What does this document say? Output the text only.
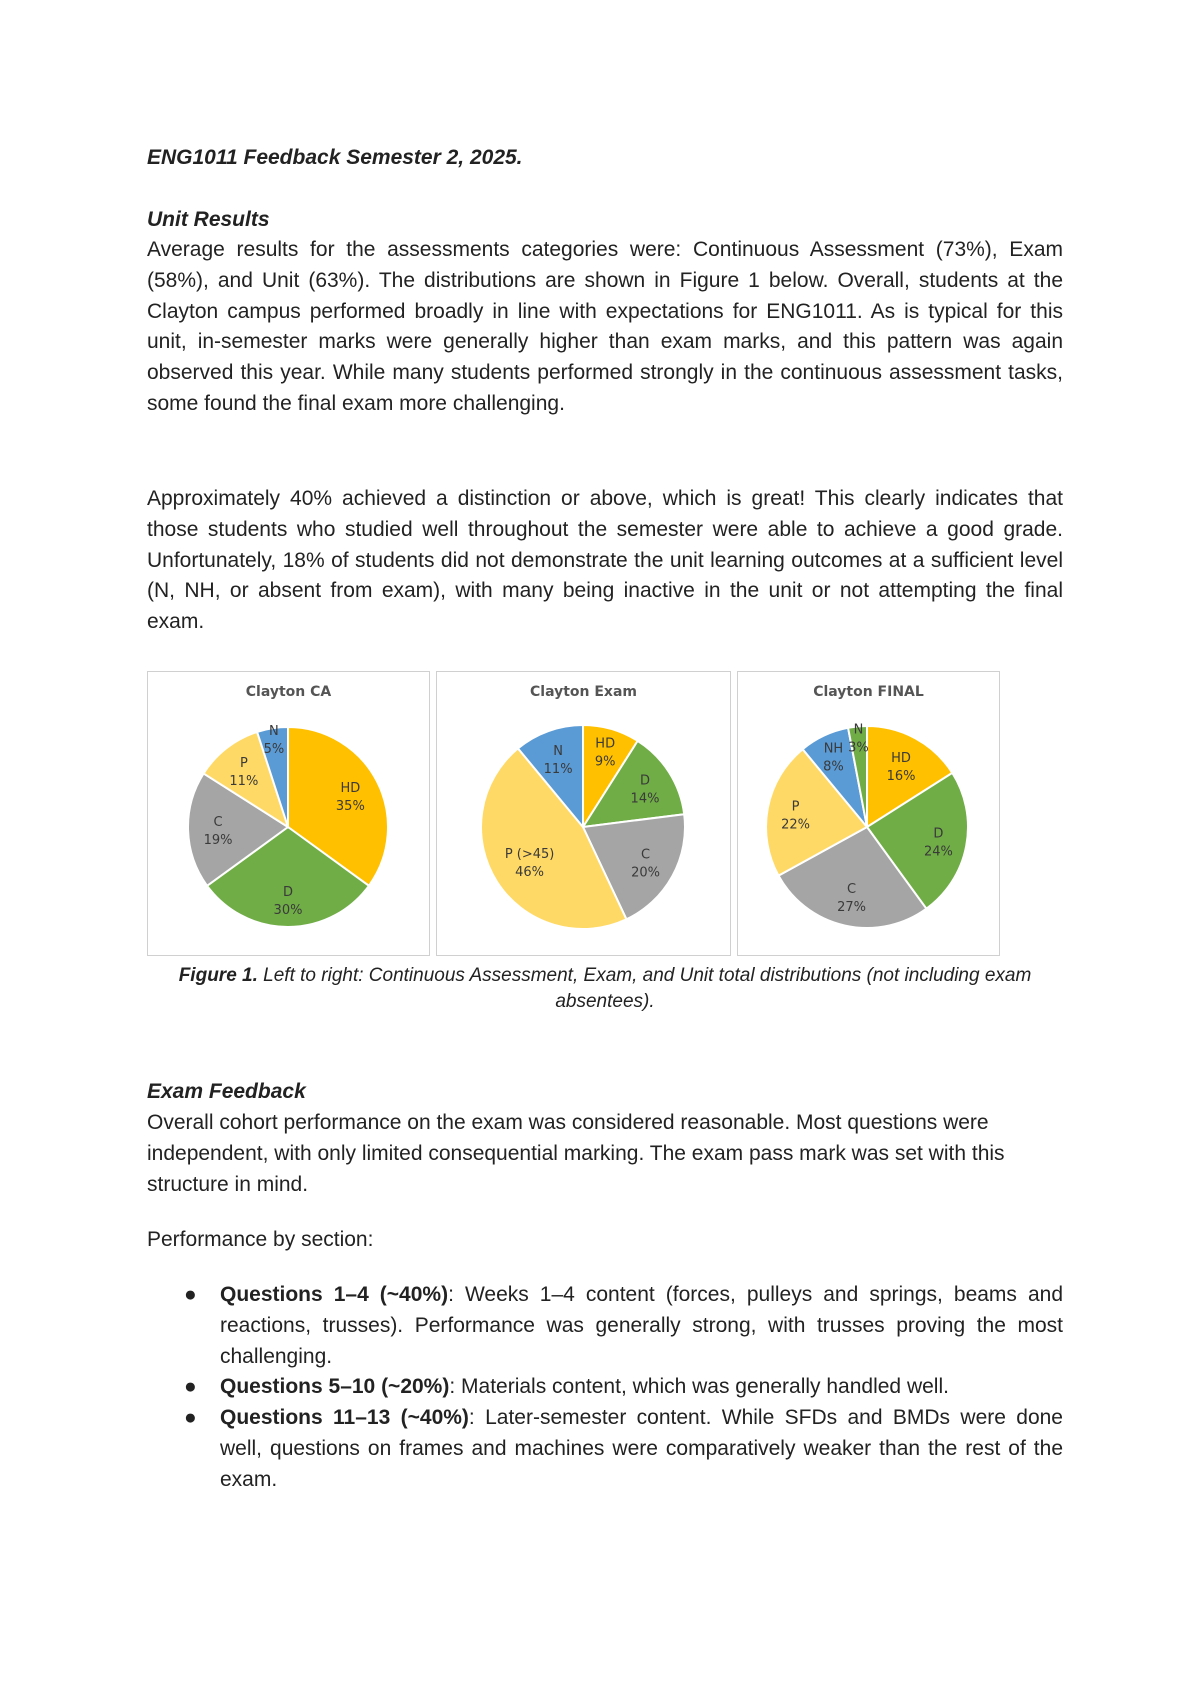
ENG1011 Feedback Semester 2, 2025.

Unit Results

Average results for the assessments categories were: Continuous Assessment (73%), Exam (58%), and Unit (63%). The distributions are shown in Figure 1 below. Overall, students at the Clayton campus performed broadly in line with expectations for ENG1011. As is typical for this unit, in-semester marks were generally higher than exam marks, and this pattern was again observed this year. While many students performed strongly in the continuous assessment tasks, some found the final exam more challenging.

Approximately 40% achieved a distinction or above, which is great! This clearly indicates that those students who studied well throughout the semester were able to achieve a good grade. Unfortunately, 18% of students did not demonstrate the unit learning outcomes at a sufficient level (N, NH, or absent from exam), with many being inactive in the unit or not attempting the final exam.

Clayton CA
HD
35%
D
30%
C
19%
P
11%
N
5%
Clayton Exam
HD
9%
D
14%
C
20%
P (>45)
46%
N
11%
Clayton FINAL
HD
16%
D
24%
C
27%
P
22%
NH
8%
N
3%

Figure 1. Left to right: Continuous Assessment, Exam, and Unit total distributions (not including exam absentees).

Exam Feedback

Overall cohort performance on the exam was considered reasonable. Most questions were independent, with only limited consequential marking. The exam pass mark was set with this structure in mind.

Performance by section:

● Questions 1–4 (~40%): Weeks 1–4 content (forces, pulleys and springs, beams and reactions, trusses). Performance was generally strong, with trusses proving the most challenging.
● Questions 5–10 (~20%): Materials content, which was generally handled well.
● Questions 11–13 (~40%): Later-semester content. While SFDs and BMDs were done well, questions on frames and machines were comparatively weaker than the rest of the exam.
